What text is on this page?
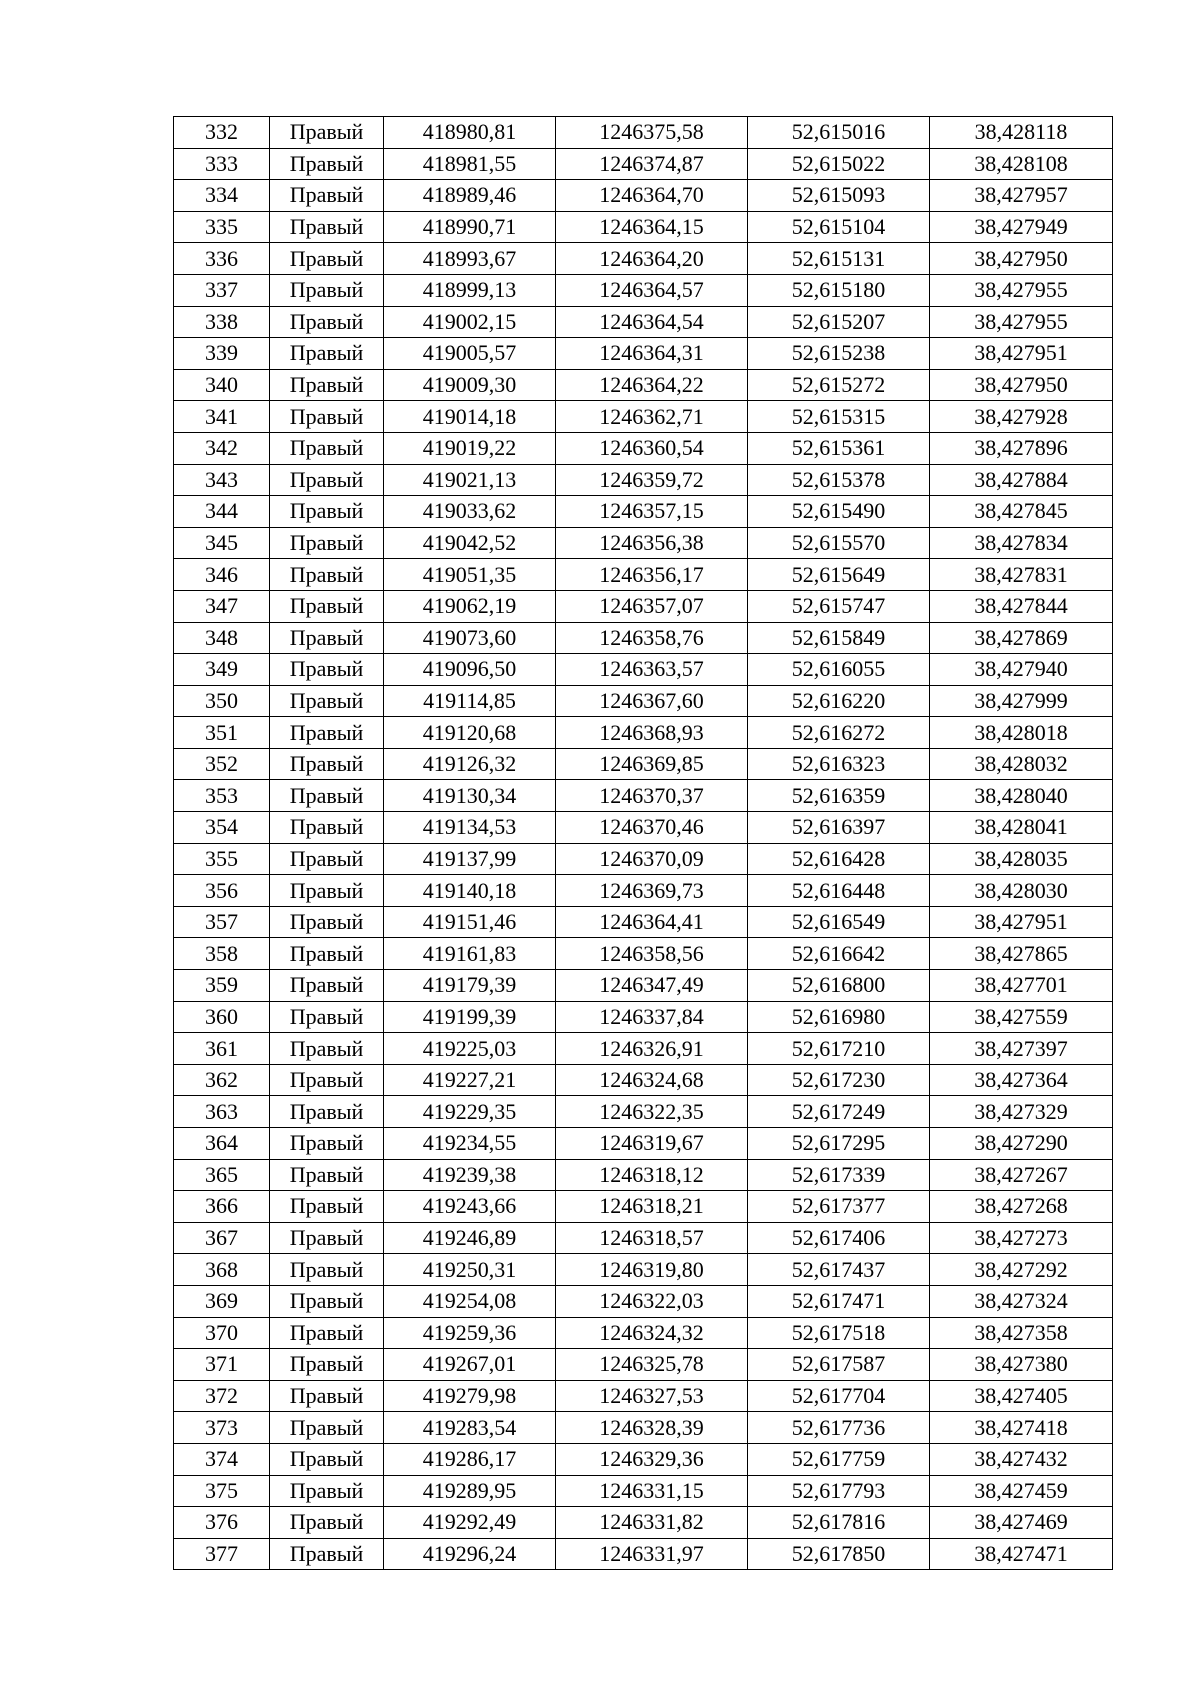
332	Правый	418980,81	1246375,58	52,615016	38,428118
333	Правый	418981,55	1246374,87	52,615022	38,428108
334	Правый	418989,46	1246364,70	52,615093	38,427957
335	Правый	418990,71	1246364,15	52,615104	38,427949
336	Правый	418993,67	1246364,20	52,615131	38,427950
337	Правый	418999,13	1246364,57	52,615180	38,427955
338	Правый	419002,15	1246364,54	52,615207	38,427955
339	Правый	419005,57	1246364,31	52,615238	38,427951
340	Правый	419009,30	1246364,22	52,615272	38,427950
341	Правый	419014,18	1246362,71	52,615315	38,427928
342	Правый	419019,22	1246360,54	52,615361	38,427896
343	Правый	419021,13	1246359,72	52,615378	38,427884
344	Правый	419033,62	1246357,15	52,615490	38,427845
345	Правый	419042,52	1246356,38	52,615570	38,427834
346	Правый	419051,35	1246356,17	52,615649	38,427831
347	Правый	419062,19	1246357,07	52,615747	38,427844
348	Правый	419073,60	1246358,76	52,615849	38,427869
349	Правый	419096,50	1246363,57	52,616055	38,427940
350	Правый	419114,85	1246367,60	52,616220	38,427999
351	Правый	419120,68	1246368,93	52,616272	38,428018
352	Правый	419126,32	1246369,85	52,616323	38,428032
353	Правый	419130,34	1246370,37	52,616359	38,428040
354	Правый	419134,53	1246370,46	52,616397	38,428041
355	Правый	419137,99	1246370,09	52,616428	38,428035
356	Правый	419140,18	1246369,73	52,616448	38,428030
357	Правый	419151,46	1246364,41	52,616549	38,427951
358	Правый	419161,83	1246358,56	52,616642	38,427865
359	Правый	419179,39	1246347,49	52,616800	38,427701
360	Правый	419199,39	1246337,84	52,616980	38,427559
361	Правый	419225,03	1246326,91	52,617210	38,427397
362	Правый	419227,21	1246324,68	52,617230	38,427364
363	Правый	419229,35	1246322,35	52,617249	38,427329
364	Правый	419234,55	1246319,67	52,617295	38,427290
365	Правый	419239,38	1246318,12	52,617339	38,427267
366	Правый	419243,66	1246318,21	52,617377	38,427268
367	Правый	419246,89	1246318,57	52,617406	38,427273
368	Правый	419250,31	1246319,80	52,617437	38,427292
369	Правый	419254,08	1246322,03	52,617471	38,427324
370	Правый	419259,36	1246324,32	52,617518	38,427358
371	Правый	419267,01	1246325,78	52,617587	38,427380
372	Правый	419279,98	1246327,53	52,617704	38,427405
373	Правый	419283,54	1246328,39	52,617736	38,427418
374	Правый	419286,17	1246329,36	52,617759	38,427432
375	Правый	419289,95	1246331,15	52,617793	38,427459
376	Правый	419292,49	1246331,82	52,617816	38,427469
377	Правый	419296,24	1246331,97	52,617850	38,427471
